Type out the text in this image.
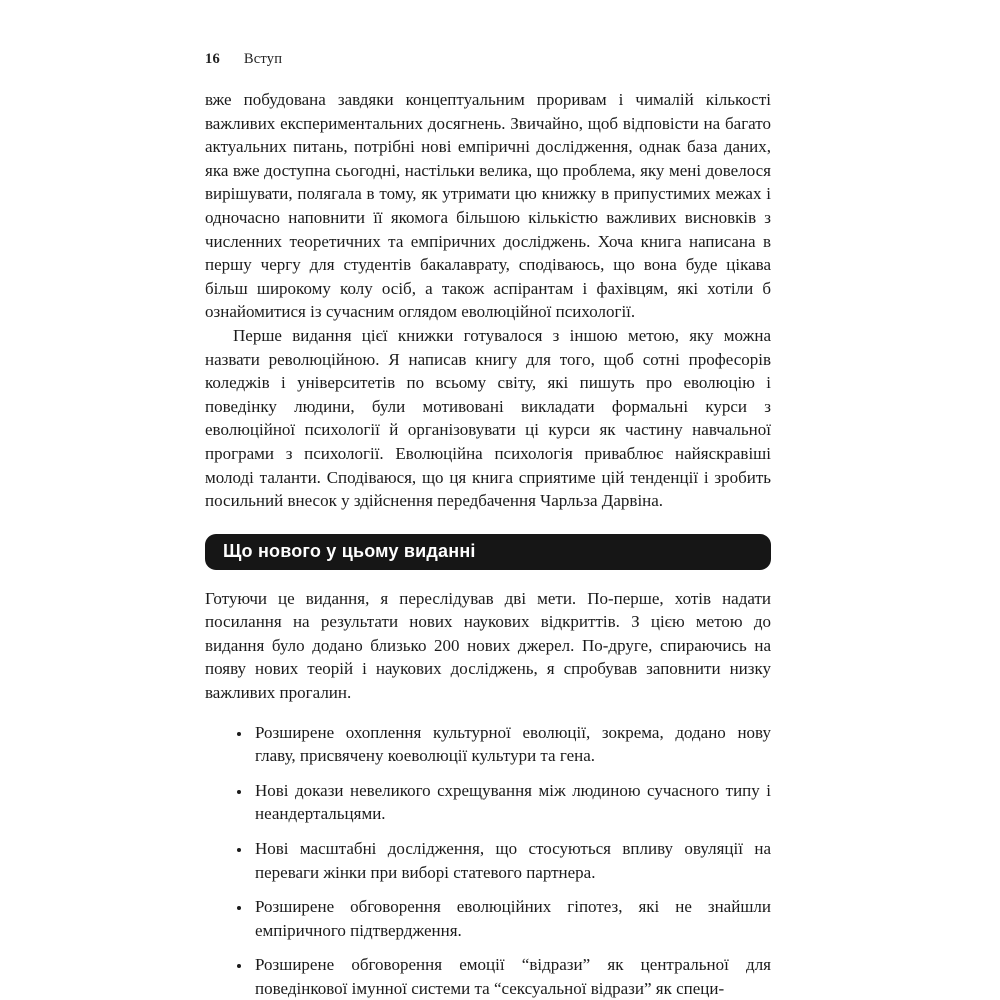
16 Вступ

вже побудована завдяки концептуальним проривам і чималій кількості важливих експериментальних досягнень. Звичайно, щоб відповісти на багато актуальних питань, потрібні нові емпіричні дослідження, однак база даних, яка вже доступна сьогодні, настільки велика, що проблема, яку мені довелося вирішувати, полягала в тому, як утримати цю книжку в припустимих межах і одночасно наповнити її якомога більшою кількістю важливих висновків з численних теоретичних та емпіричних досліджень. Хоча книга написана в першу чергу для студентів бакалаврату, сподіваюсь, що вона буде цікава більш широкому колу осіб, а також аспірантам і фахівцям, які хотіли б ознайомитися із сучасним оглядом еволюційної психології.

Перше видання цієї книжки готувалося з іншою метою, яку можна назвати революційною. Я написав книгу для того, щоб сотні професорів коледжів і університетів по всьому світу, які пишуть про еволюцію і поведінку людини, були мотивовані викладати формальні курси з еволюційної психології й організовувати ці курси як частину навчальної програми з психології. Еволюційна психологія приваблює найяскравіші молоді таланти. Сподіваюся, що ця книга сприятиме цій тенденції і зробить посильний внесок у здійснення передбачення Чарльза Дарвіна.

Що нового у цьому виданні

Готуючи це видання, я переслідував дві мети. По-перше, хотів надати посилання на результати нових наукових відкриттів. З цією метою до видання було додано близько 200 нових джерел. По-друге, спираючись на появу нових теорій і наукових досліджень, я спробував заповнити низку важливих прогалин.

• Розширене охоплення культурної еволюції, зокрема, додано нову главу, присвячену коеволюції культури та гена.
• Нові докази невеликого схрещування між людиною сучасного типу і неандертальцями.
• Нові масштабні дослідження, що стосуються впливу овуляції на переваги жінки при виборі статевого партнера.
• Розширене обговорення еволюційних гіпотез, які не знайшли емпіричного підтвердження.
• Розширене обговорення емоції “відрази” як центральної для поведінкової імунної системи та “сексуальної відрази” як специ-
